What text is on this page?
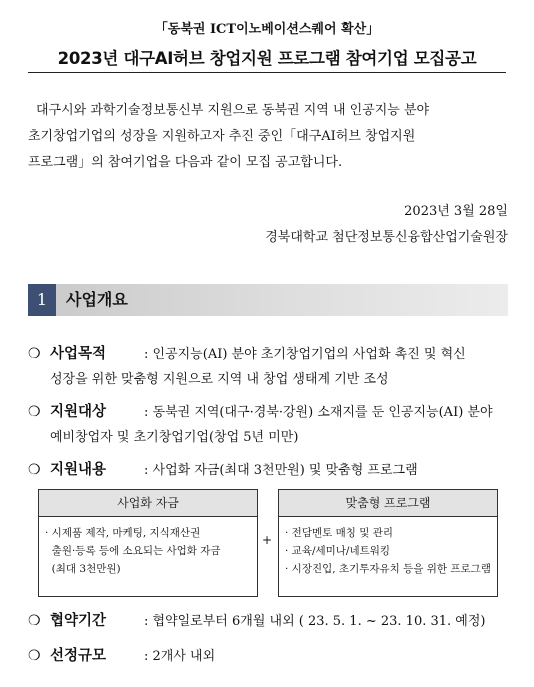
「동북권 ICT이노베이션스퀘어 확산」
2023년 대구AI허브 창업지원 프로그램 참여기업 모집공고
대구시와 과학기술정보통신부 지원으로 동북권 지역 내 인공지능 분야
초기창업기업의 성장을 지원하고자 추진 중인「대구AI허브 창업지원
프로그램」의 참여기업을 다음과 같이 모집 공고합니다.
2023년 3월 28일
경북대학교 첨단정보통신융합산업기술원장
1	사업개요
❍ 사업목적	: 인공지능(AI) 분야 초기창업기업의 사업화 촉진 및 혁신
성장을 위한 맞춤형 지원으로 지역 내 창업 생태계 기반 조성
❍ 지원대상	: 동북권 지역(대구·경북·강원) 소재지를 둔 인공지능(AI) 분야
예비창업자 및 초기창업기업(창업 5년 미만)
❍ 지원내용	: 사업화 자금(최대 3천만원) 및 맞춤형 프로그램
사업화 자금
· 시제품 제작, 마케팅, 지식재산권
출원·등록 등에 소요되는 사업화 자금
(최대 3천만원)
+
맞춤형 프로그램
· 전담멘토 매칭 및 관리
· 교육/세미나/네트워킹
· 시장진입, 초기투자유치 등을 위한 프로그램
❍ 협약기간	: 협약일로부터 6개월 내외 ( 23. 5. 1. ~ 23. 10. 31. 예정)
❍ 선정규모	: 2개사 내외
